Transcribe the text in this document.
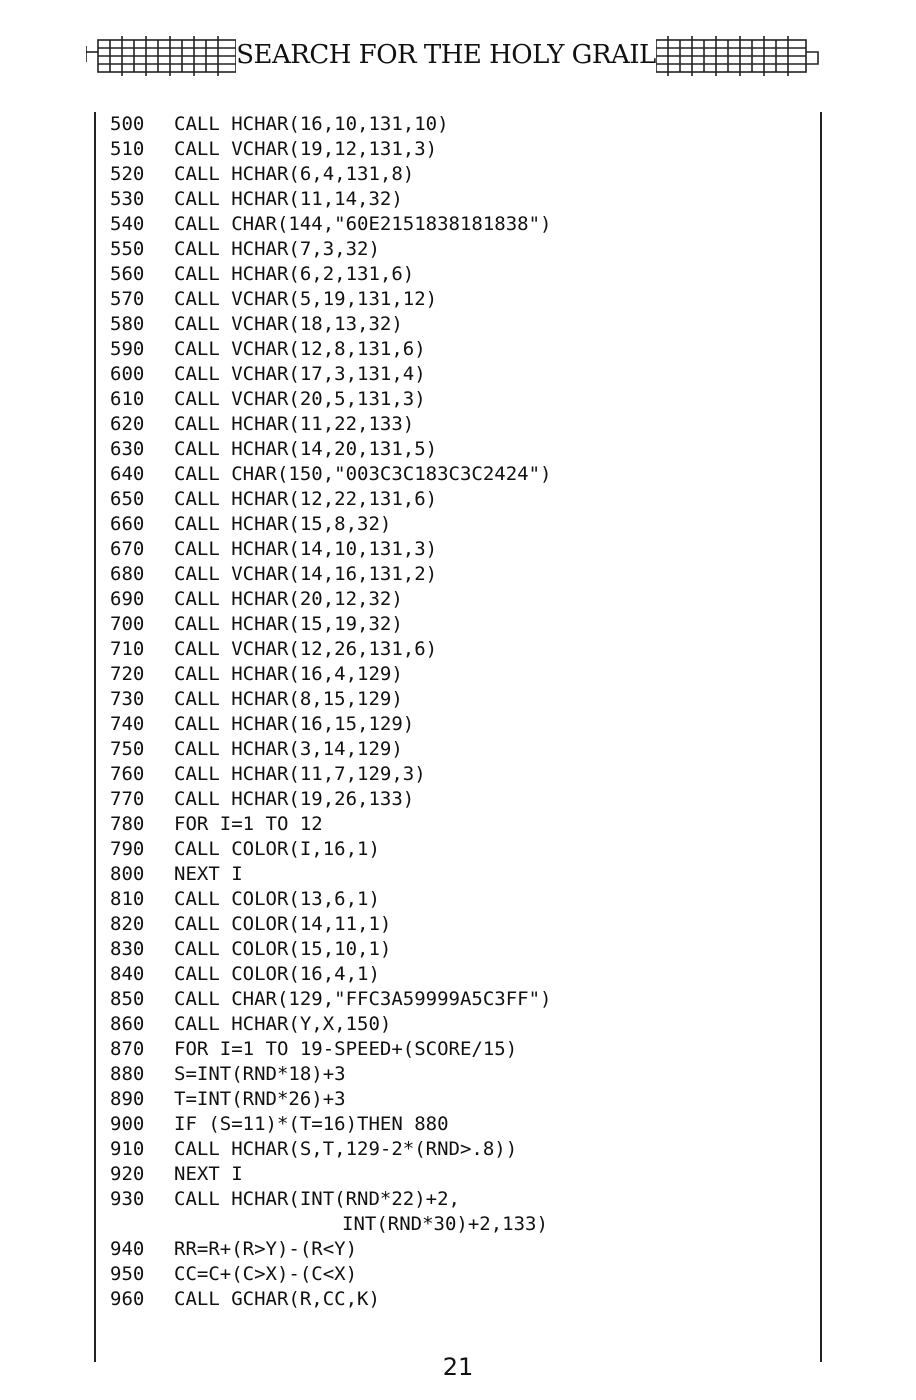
SEARCH FOR THE HOLY GRAIL
500 CALL HCHAR(16,10,131,10)
510 CALL VCHAR(19,12,131,3)
520 CALL HCHAR(6,4,131,8)
530 CALL HCHAR(11,14,32)
540 CALL CHAR(144,"60E2151838181838")
550 CALL HCHAR(7,3,32)
560 CALL HCHAR(6,2,131,6)
570 CALL VCHAR(5,19,131,12)
580 CALL VCHAR(18,13,32)
590 CALL VCHAR(12,8,131,6)
600 CALL VCHAR(17,3,131,4)
610 CALL VCHAR(20,5,131,3)
620 CALL HCHAR(11,22,133)
630 CALL HCHAR(14,20,131,5)
640 CALL CHAR(150,"003C3C183C3C2424")
650 CALL HCHAR(12,22,131,6)
660 CALL HCHAR(15,8,32)
670 CALL HCHAR(14,10,131,3)
680 CALL VCHAR(14,16,131,2)
690 CALL HCHAR(20,12,32)
700 CALL HCHAR(15,19,32)
710 CALL VCHAR(12,26,131,6)
720 CALL HCHAR(16,4,129)
730 CALL HCHAR(8,15,129)
740 CALL HCHAR(16,15,129)
750 CALL HCHAR(3,14,129)
760 CALL HCHAR(11,7,129,3)
770 CALL HCHAR(19,26,133)
780 FOR I=1 TO 12
790 CALL COLOR(I,16,1)
800 NEXT I
810 CALL COLOR(13,6,1)
820 CALL COLOR(14,11,1)
830 CALL COLOR(15,10,1)
840 CALL COLOR(16,4,1)
850 CALL CHAR(129,"FFC3A59999A5C3FF")
860 CALL HCHAR(Y,X,150)
870 FOR I=1 TO 19-SPEED+(SCORE/15)
880 S=INT(RND*18)+3
890 T=INT(RND*26)+3
900 IF (S=11)*(T=16)THEN 880
910 CALL HCHAR(S,T,129-2*(RND>.8))
920 NEXT I
930 CALL HCHAR(INT(RND*22)+2,
INT(RND*30)+2,133)
940 RR=R+(R>Y)-(R<Y)
950 CC=C+(C>X)-(C<X)
960 CALL GCHAR(R,CC,K)
21
